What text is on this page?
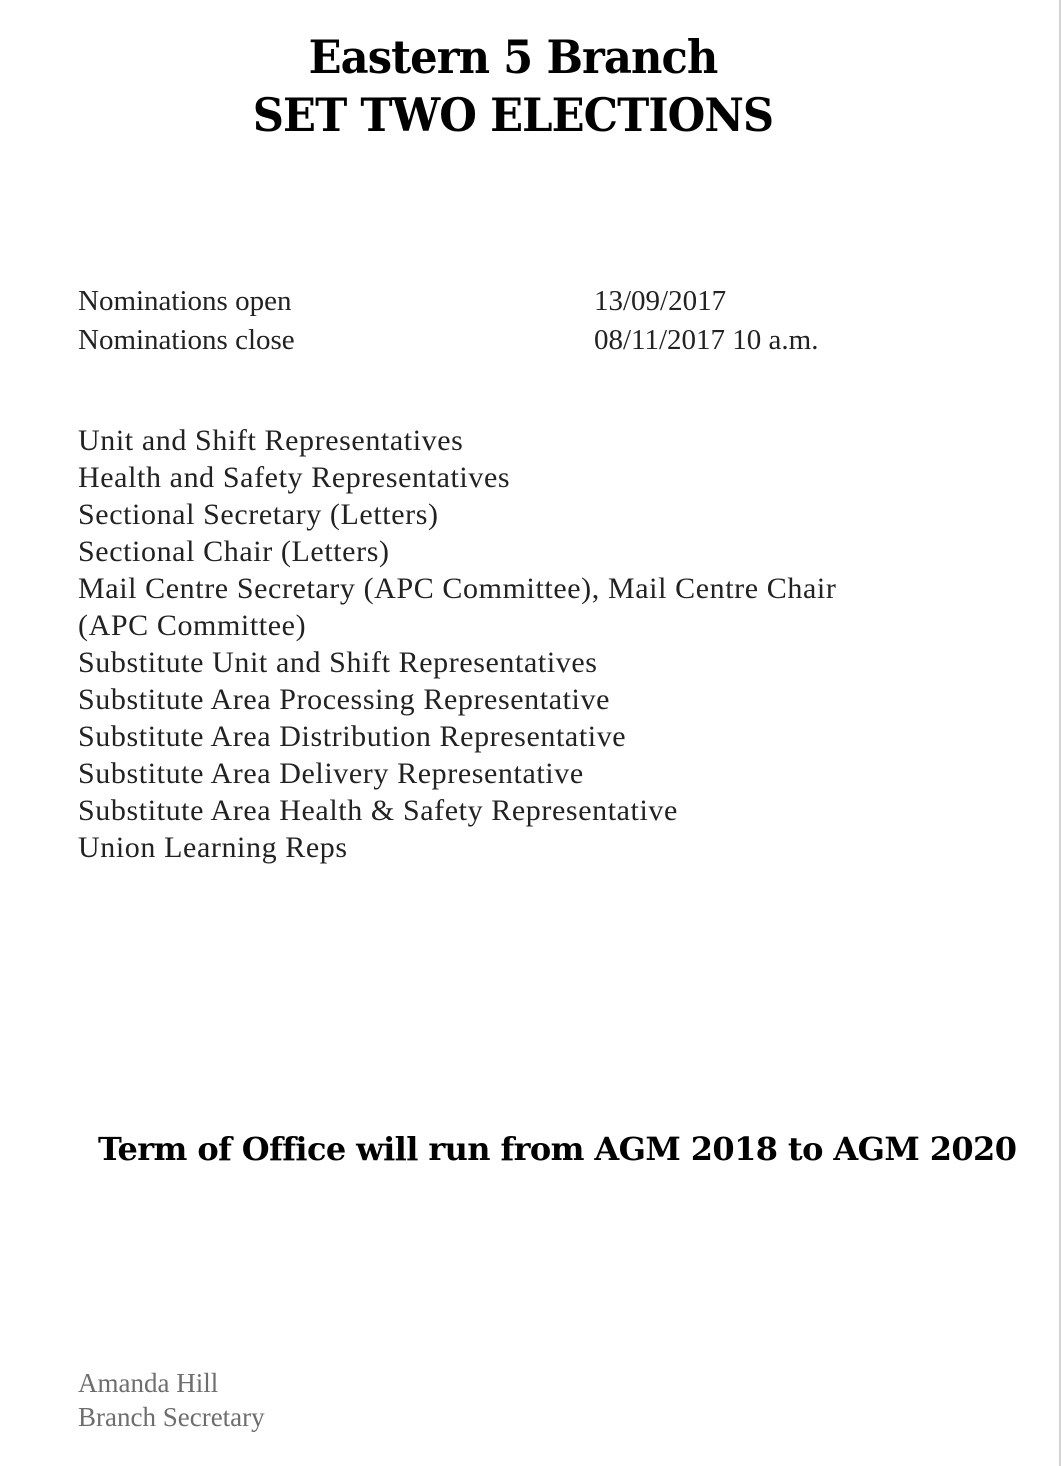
Eastern 5 Branch
SET TWO ELECTIONS
Nominations open	13/09/2017
Nominations close	08/11/2017 10 a.m.
Unit and Shift Representatives
Health and Safety Representatives
Sectional Secretary (Letters)
Sectional Chair (Letters)
Mail Centre Secretary (APC Committee), Mail Centre Chair
(APC Committee)
Substitute Unit and Shift Representatives
Substitute Area Processing Representative
Substitute Area Distribution Representative
Substitute Area Delivery Representative
Substitute Area Health & Safety Representative
Union Learning Reps
Term of Office will run from AGM 2018 to AGM 2020
Amanda Hill
Branch Secretary
